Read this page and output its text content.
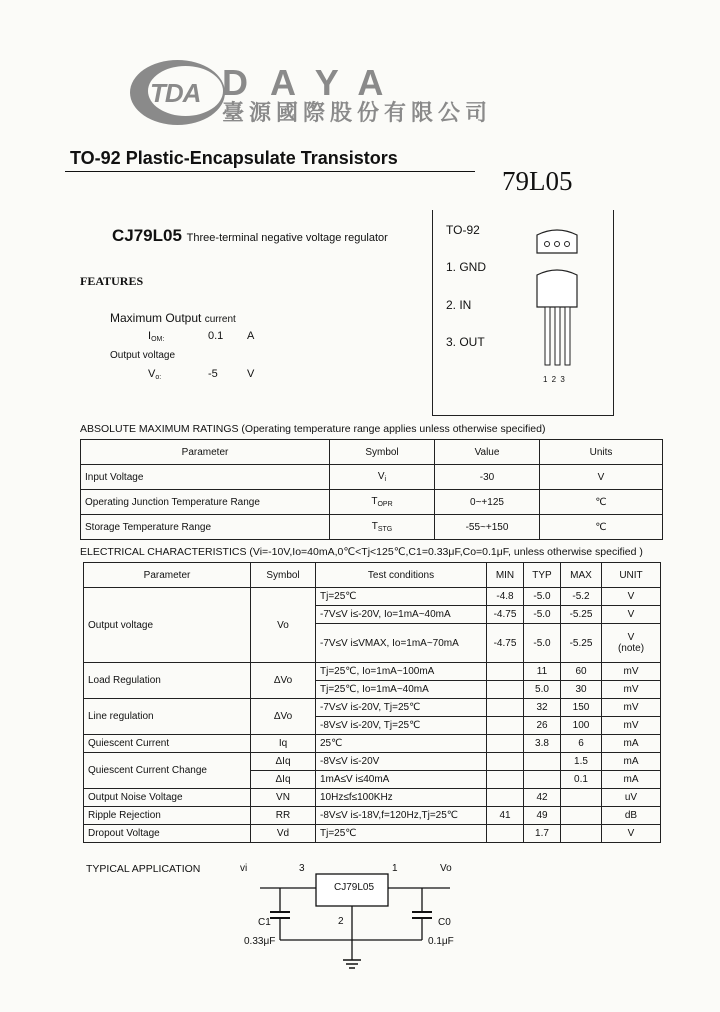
TDA DAYA
臺源國際股份有限公司
TO-92 Plastic-Encapsulate Transistors
79L05
CJ79L05 Three-terminal negative voltage regulator
FEATURES
Maximum Output current
$I_{OM:}$	0.1 A
Output voltage
$V_{o:}$	-5	V
TO-92
1. GND
2. IN
3. OUT
1 2 3
ABSOLUTE MAXIMUM RATINGS (Operating temperature range applies unless otherwise specified)
Parameter	Symbol	Value	Units
Input Voltage	$V_i$	-30	V
Operating Junction Temperature Range	$T_{OPR}$	0~+125	℃
Storage Temperature Range	$T_{STG}$	-55~+150	℃
ELECTRICAL CHARACTERISTICS (Vi=-10V,Io=40mA,0℃<Tj<125℃,C1=0.33μF,Co=0.1μF, unless otherwise specified )
Parameter	Symbol	Test conditions	MIN	TYP	MAX	UNIT
Output voltage	Vo	Tj=25℃	-4.8	-5.0	-5.2	V
		-7V≤V i≤-20V, Io=1mA~40mA	-4.75	-5.0	-5.25	V
		-7V≤V i≤VMAX, Io=1mA~70mA	-4.75	-5.0	-5.25	V
(note)

Load Regulation	ΔVo	Tj=25℃, Io=1mA~100mA		11	60	mV
		Tj=25℃, Io=1mA~40mA		5.0	30	mV
Line regulation	ΔVo	-7V≤V i≤-20V, Tj=25℃		32	150	mV
		-8V≤V i≤-20V, Tj=25℃		26	100	mV
Quiescent Current	Iq	25℃		3.8	6	mA
Quiescent Current Change	ΔIq	-8V≤V i≤-20V			1.5	mA
	ΔIq	1mA≤V i≤40mA			0.1	mA
Output Noise Voltage	VN	10Hz≤f≤100KHz		42		uV
Ripple Rejection	RR	-8V≤V i≤-18V,f=120Hz,Tj=25℃	41	49		dB
Dropout Voltage	Vd	Tj=25℃		1.7		V
TYPICAL APPLICATION	vi	3	1	Vo
CJ79L05
2
C1
0.33μF
C0
0.1μF
